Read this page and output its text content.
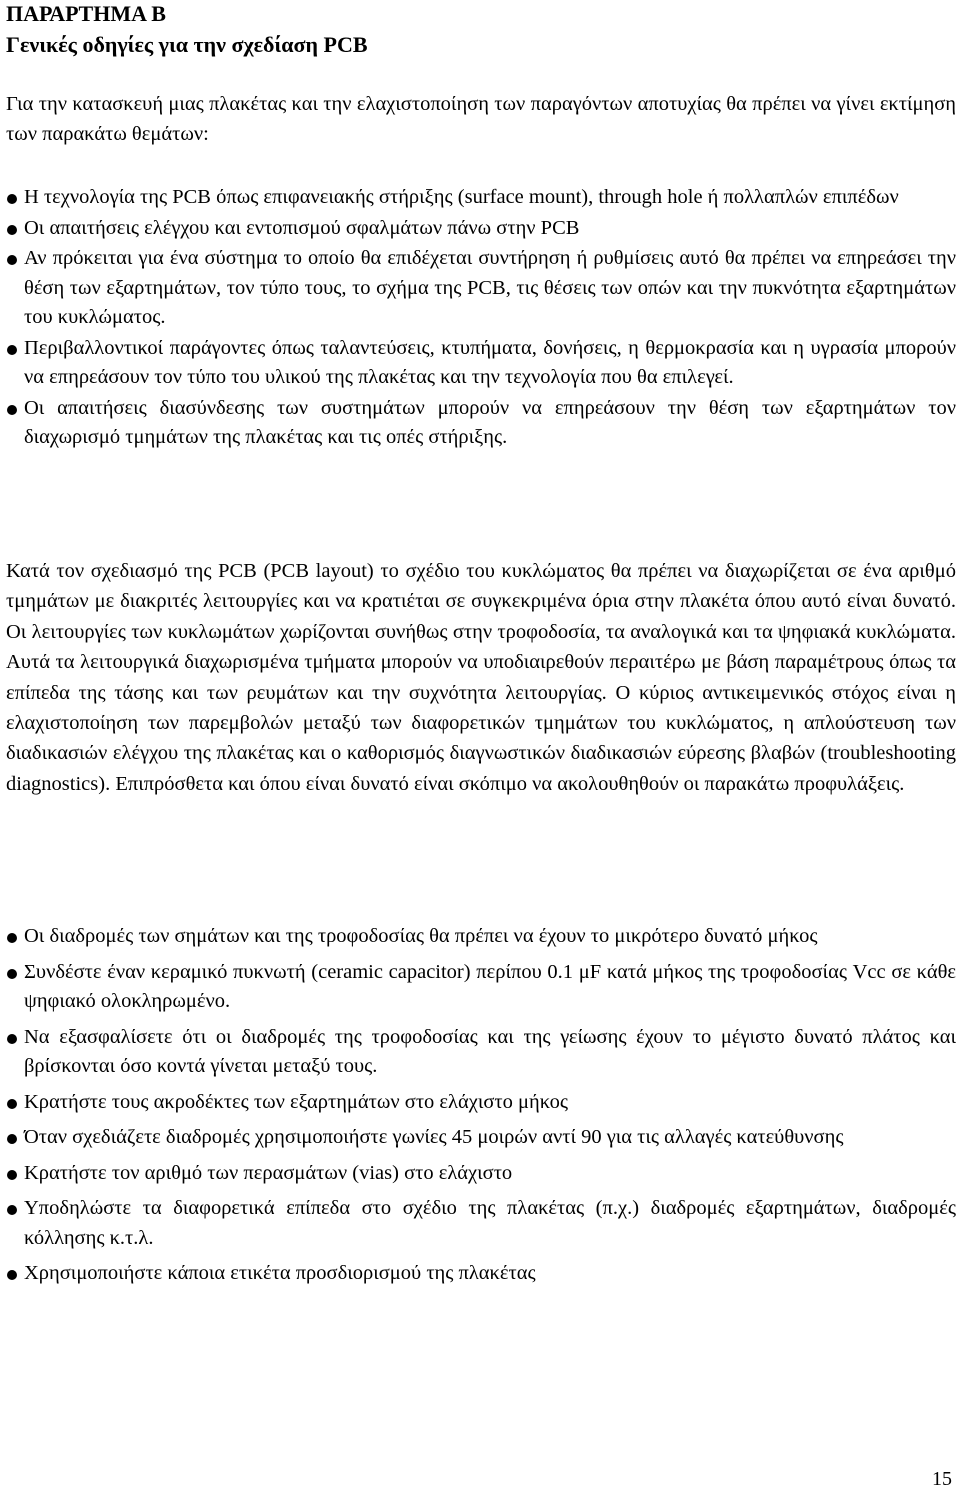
ΠΑΡΑΡΤΗΜΑ Β
Γενικές οδηγίες για την σχεδίαση PCB

Για την κατασκευή μιας πλακέτας και την ελαχιστοποίηση των παραγόντων αποτυχίας θα πρέπει να γίνει εκτίμηση των παρακάτω θεμάτων:

Η τεχνολογία της PCB όπως επιφανειακής στήριξης (surface mount), through hole ή πολλαπλών επιπέδων
Οι απαιτήσεις ελέγχου και εντοπισμού σφαλμάτων πάνω στην PCB
Αν πρόκειται για ένα σύστημα το οποίο θα επιδέχεται συντήρηση ή ρυθμίσεις αυτό θα πρέπει να επηρεάσει την θέση των εξαρτημάτων, τον τύπο τους, το σχήμα της PCB, τις θέσεις των οπών και την πυκνότητα εξαρτημάτων του κυκλώματος.
Περιβαλλοντικοί παράγοντες όπως ταλαντεύσεις, κτυπήματα, δονήσεις, η θερμοκρασία και η υγρασία μπορούν να επηρεάσουν τον τύπο του υλικού της πλακέτας και την τεχνολογία που θα επιλεγεί.
Οι απαιτήσεις διασύνδεσης των συστημάτων μπορούν να επηρεάσουν την θέση των εξαρτημάτων τον διαχωρισμό τμημάτων της πλακέτας και τις οπές στήριξης.

Κατά τον σχεδιασμό της PCB (PCB layout) το σχέδιο του κυκλώματος θα πρέπει να διαχωρίζεται σε ένα αριθμό τμημάτων με διακριτές λειτουργίες και να κρατιέται σε συγκεκριμένα όρια στην πλακέτα όπου αυτό είναι δυνατό. Οι λειτουργίες των κυκλωμάτων χωρίζονται συνήθως στην τροφοδοσία, τα αναλογικά και τα ψηφιακά κυκλώματα. Αυτά τα λειτουργικά διαχωρισμένα τμήματα μπορούν να υποδιαιρεθούν περαιτέρω με βάση παραμέτρους όπως τα επίπεδα της τάσης και των ρευμάτων και την συχνότητα λειτουργίας. Ο κύριος αντικειμενικός στόχος είναι η ελαχιστοποίηση των παρεμβολών μεταξύ των διαφορετικών τμημάτων του κυκλώματος, η απλούστευση των διαδικασιών ελέγχου της πλακέτας και ο καθορισμός διαγνωστικών διαδικασιών εύρεσης βλαβών (troubleshooting diagnostics). Επιπρόσθετα και όπου είναι δυνατό είναι σκόπιμο να ακολουθηθούν οι παρακάτω προφυλάξεις.

Οι διαδρομές των σημάτων και της τροφοδοσίας θα πρέπει να έχουν το μικρότερο δυνατό μήκος
Συνδέστε έναν κεραμικό πυκνωτή (ceramic capacitor) περίπου 0.1 μF κατά μήκος της τροφοδοσίας Vcc σε κάθε ψηφιακό ολοκληρωμένο.
Να εξασφαλίσετε ότι οι διαδρομές της τροφοδοσίας και της γείωσης έχουν το μέγιστο δυνατό πλάτος και βρίσκονται όσο κοντά γίνεται μεταξύ τους.
Κρατήστε τους ακροδέκτες των εξαρτημάτων στο ελάχιστο μήκος
Όταν σχεδιάζετε διαδρομές χρησιμοποιήστε γωνίες 45 μοιρών αντί 90 για τις αλλαγές κατεύθυνσης
Κρατήστε τον αριθμό των περασμάτων (vias) στο ελάχιστο
Υποδηλώστε τα διαφορετικά επίπεδα στο σχέδιο της πλακέτας (π.χ.) διαδρομές εξαρτημάτων, διαδρομές κόλλησης κ.τ.λ.
Χρησιμοποιήστε κάποια ετικέτα προσδιορισμού της πλακέτας
15
